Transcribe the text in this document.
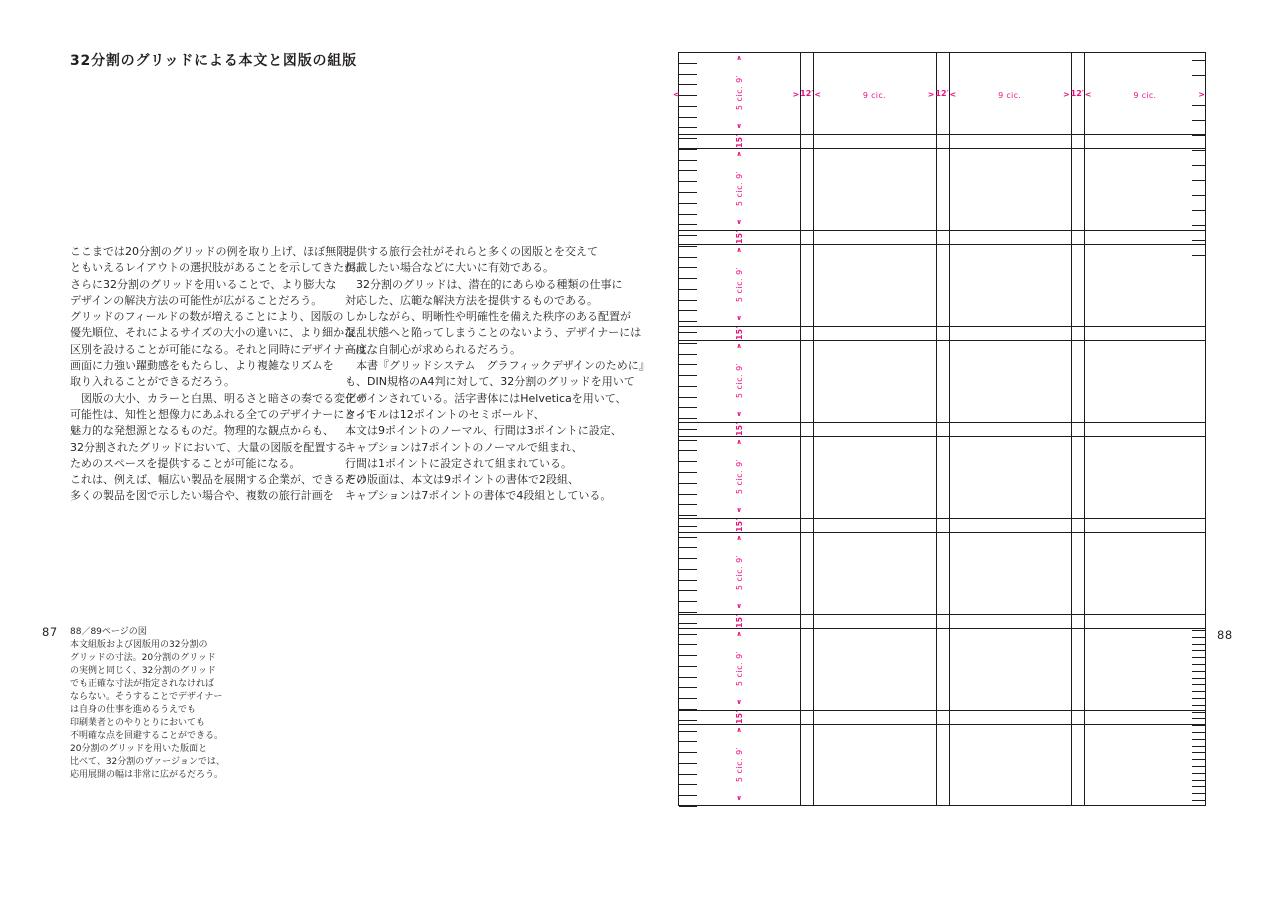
32分割のグリッドによる本文と図版の組版
ここまでは20分割のグリッドの例を取り上げ、ほぼ無限
ともいえるレイアウトの選択肢があることを示してきたが、
さらに32分割のグリッドを用いることで、より膨大な
デザインの解決方法の可能性が広がることだろう。
グリッドのフィールドの数が増えることにより、図版の
優先順位、それによるサイズの大小の違いに、より細かな
区別を設けることが可能になる。それと同時にデザイナーは、
画面に力強い躍動感をもたらし、より複雑なリズムを
取り入れることができるだろう。
　図版の大小、カラーと白黒、明るさと暗さの奏でる変化の
可能性は、知性と想像力にあふれる全てのデザイナーにとって
魅力的な発想源となるものだ。物理的な観点からも、
32分割されたグリッドにおいて、大量の図版を配置する
ためのスペースを提供することが可能になる。
これは、例えば、幅広い製品を展開する企業が、できるだけ
多くの製品を図で示したい場合や、複数の旅行計画を
提供する旅行会社がそれらと多くの図版とを交えて
掲載したい場合などに大いに有効である。
　32分割のグリッドは、潜在的にあらゆる種類の仕事に
対応した、広範な解決方法を提供するものである。
しかしながら、明晰性や明確性を備えた秩序のある配置が
混乱状態へと陥ってしまうことのないよう、デザイナーには
高度な自制心が求められるだろう。
　本書『グリッドシステム　グラフィックデザインのために』
も、DIN規格のA4判に対して、32分割のグリッドを用いて
デザインされている。活字書体にはHelveticaを用いて、
タイトルは12ポイントのセミボールド、
本文は9ポイントのノーマル、行間は3ポイントに設定、
キャプションは7ポイントのノーマルで組まれ、
行間は1ポイントに設定されて組まれている。
その版面は、本文は9ポイントの書体で2段組、
キャプションは7ポイントの書体で4段組としている。
87 88／89ページの図
本文組版および図版用の32分割の
グリッドの寸法。20分割のグリッド
の実例と同じく、32分割のグリッド
でも正確な寸法が指定されなければ
ならない。そうすることでデザイナー
は自身の仕事を進めるうえでも
印刷業者とのやりとりにおいても
不明確な点を回避することができる。
20分割のグリッドを用いた版面と
比べて、32分割のヴァージョンでは、
応用展開の幅は非常に広がるだろう。
<	> <	9 cic.	> <	9 cic.	> <	9 cic.	>
12′	12′	12′
∧
5 cic. 9′
∨
∧
5 cic. 9′
∨
∧
5 cic. 9′
∨
∧
5 cic. 9′
∨
∧
5 cic. 9′
∨
∧
5 cic. 9′
∨
∧
5 cic. 9′
∨
∧
5 cic. 9′
∨
15′
15′
15′
15′
15′
15′
15′
88
